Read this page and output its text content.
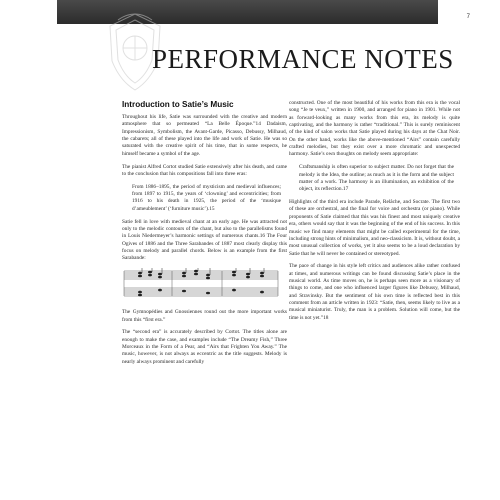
7
PERFORMANCE NOTES
Introduction to Satie’s Music

Throughout his life, Satie was surrounded with the creative and modern atmosphere that so permeated “La Belle Époque.”14 Dadaism, Impressionism, Symbolism, the Avant-Garde, Picasso, Debussy, Milhaud, the cabarets; all of these played into the life and work of Satie. He was so saturated with the creative spirit of his time, that in some respects, he himself became a symbol of the age.

The pianist Alfred Cortot studied Satie extensively after his death, and came to the conclusion that his compositions fall into three eras:

From 1886–1895, the period of mysticism and medieval influences; from 1897 to 1915, the years of ‘clowning’ and eccentricities; from 1916 to his death in 1925, the period of the ‘musique d’ameublement’ (‘furniture music’).15

Satie fell in love with medieval chant at an early age. He was attracted not only to the melodic contours of the chant, but also to the parallelisms found in Louis Niedermeyer’s harmonic settings of numerous chants.16 The Four Ogives of 1886 and the Three Sarabandes of 1887 most clearly display this focus on melody and parallel chords. Below is an example from the first Sarabande:

The Gymnopédies and Gnossiennes round out the more important works from this “first era.”

The “second era” is accurately described by Cortot. The titles alone are enough to make the case, and examples include “The Dreamy Fish,” Three Morceaux in the Form of a Pear, and “Airs that Frighten You Away.” The music, however, is not always as eccentric as the title suggests. Melody is nearly always prominent and carefully

constructed. One of the most beautiful of his works from this era is the vocal song “Je te veux,” written in 1900, and arranged for piano in 1901. While not as forward-looking as many works from this era, its melody is quite captivating, and the harmony is rather “traditional.” This is surely reminiscent of the kind of salon works that Satie played during his days at the Chat Noir. On the other hand, works like the above-mentioned “Airs” contain carefully crafted melodies, but they exist over a more chromatic and unexpected harmony. Satie’s own thoughts on melody seem appropriate:

Craftsmanship is often superior to subject matter. Do not forget that the melody is the Idea, the outline; as much as it is the form and the subject matter of a work. The harmony is an illumination, an exhibition of the object, its reflection.17

Highlights of the third era include Parade, Relâche, and Socrate. The first two of these are orchestral, and the final for voice and orchestra (or piano). While proponents of Satie claimed that this was his finest and most uniquely creative era, others would say that it was the beginning of the end of his success. In this music we find many elements that might be called experimental for the time, including strong hints of minimalism, and neo-classicism. It is, without doubt, a most unusual collection of works, yet it also seems to be a loud declaration by Satie that he will never be contained or stereotyped.

The pace of change in his style left critics and audiences alike rather confused at times, and numerous writings can be found discussing Satie’s place in the musical world. As time moves on, he is perhaps seen more as a visionary of things to come, and one who influenced larger figures like Debussy, Milhaud, and Stravinsky. But the sentiment of his own time is reflected best in this comment from an article written in 1923: “Satie, then, seems likely to live as a musical miniaturist. Truly, the man is a problem. Solution will come, but the time is not yet.”18
